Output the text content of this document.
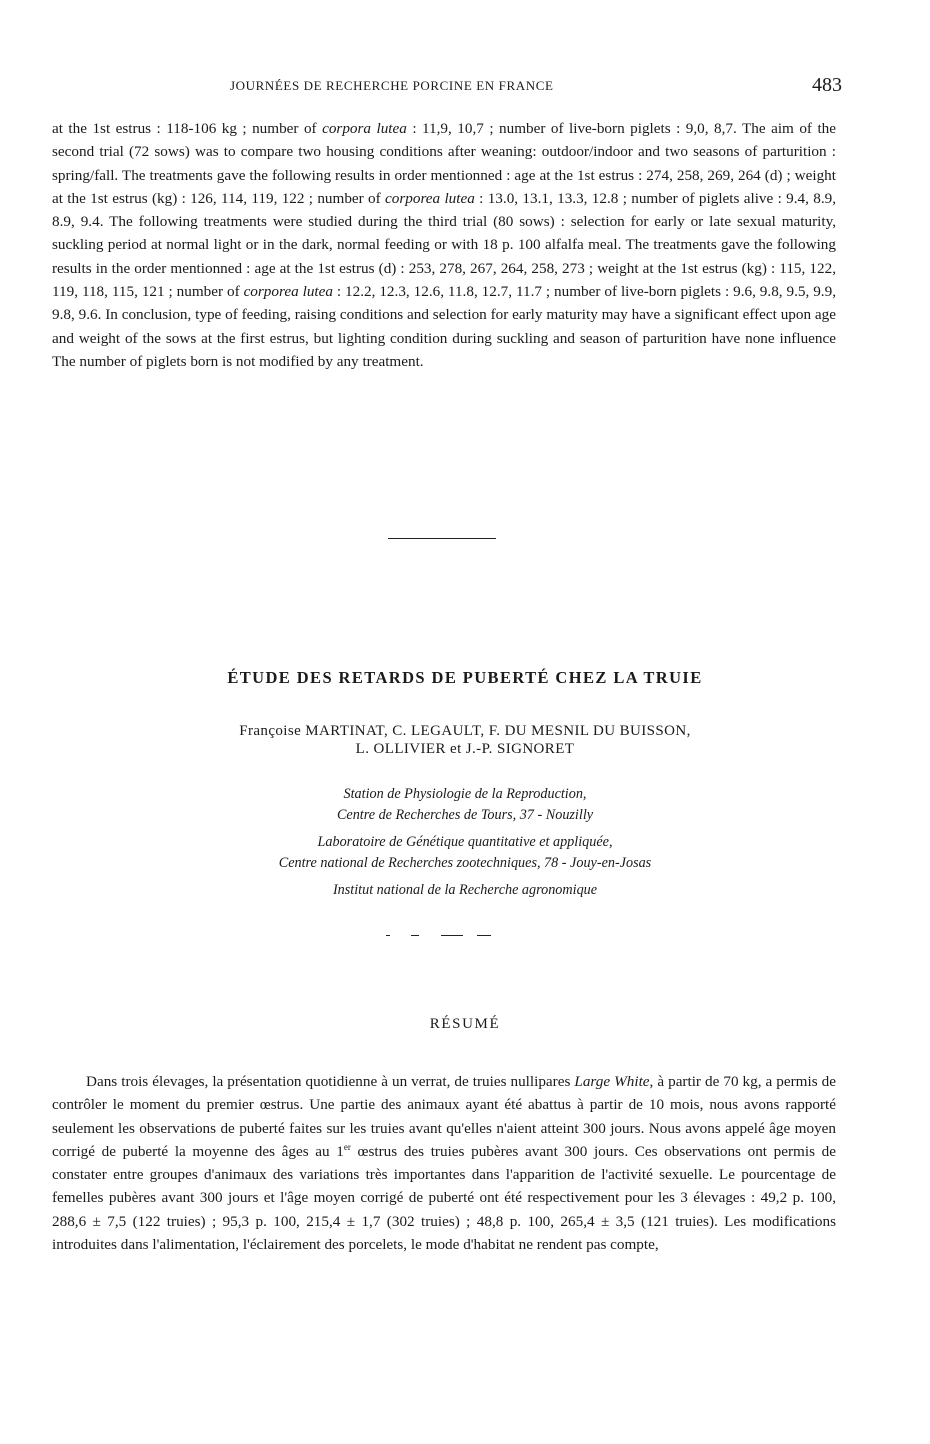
JOURNÉES DE RECHERCHE PORCINE EN FRANCE	483

at the 1st estrus : 118-106 kg ; number of corpora lutea : 11,9, 10,7 ; number of live-born piglets : 9,0, 8,7. The aim of the second trial (72 sows) was to compare two housing conditions after weaning: outdoor/indoor and two seasons of parturition : spring/fall. The treatments gave the following results in order mentionned : age at the 1st estrus : 274, 258, 269, 264 (d) ; weight at the 1st estrus (kg) : 126, 114, 119, 122 ; number of corporea lutea : 13.0, 13.1, 13.3, 12.8 ; number of piglets alive : 9.4, 8.9, 8.9, 9.4. The following treatments were studied during the third trial (80 sows) : selection for early or late sexual maturity, suckling period at normal light or in the dark, normal feeding or with 18 p. 100 alfalfa meal. The treatments gave the following results in the order mentionned : age at the 1st estrus (d) : 253, 278, 267, 264, 258, 273 ; weight at the 1st estrus (kg) : 115, 122, 119, 118, 115, 121 ; number of corporea lutea : 12.2, 12.3, 12.6, 11.8, 12.7, 11.7 ; number of live-born piglets : 9.6, 9.8, 9.5, 9.9, 9.8, 9.6. In conclusion, type of feeding, raising conditions and selection for early maturity may have a significant effect upon age and weight of the sows at the first estrus, but lighting condition during suckling and season of parturition have none influence The number of piglets born is not modified by any treatment.

ÉTUDE DES RETARDS DE PUBERTÉ CHEZ LA TRUIE
Françoise MARTINAT, C. LEGAULT, F. DU MESNIL DU BUISSON,
L. OLLIVIER et J.-P. SIGNORET
Station de Physiologie de la Reproduction,
Centre de Recherches de Tours, 37 - Nouzilly
Laboratoire de Génétique quantitative et appliquée,
Centre national de Recherches zootechniques, 78 - Jouy-en-Josas
Institut national de la Recherche agronomique
RÉSUMÉ

Dans trois élevages, la présentation quotidienne à un verrat, de truies nullipares Large White, à partir de 70 kg, a permis de contrôler le moment du premier œstrus. Une partie des animaux ayant été abattus à partir de 10 mois, nous avons rapporté seulement les observations de puberté faites sur les truies avant qu'elles n'aient atteint 300 jours. Nous avons appelé âge moyen corrigé de puberté la moyenne des âges au 1er œstrus des truies pubères avant 300 jours. Ces observations ont permis de constater entre groupes d'animaux des variations très importantes dans l'apparition de l'activité sexuelle. Le pourcentage de femelles pubères avant 300 jours et l'âge moyen corrigé de puberté ont été respectivement pour les 3 élevages : 49,2 p. 100, 288,6 ± 7,5 (122 truies) ; 95,3 p. 100, 215,4 ± 1,7 (302 truies) ; 48,8 p. 100, 265,4 ± 3,5 (121 truies). Les modifications introduites dans l'alimentation, l'éclairement des porcelets, le mode d'habitat ne rendent pas compte,
